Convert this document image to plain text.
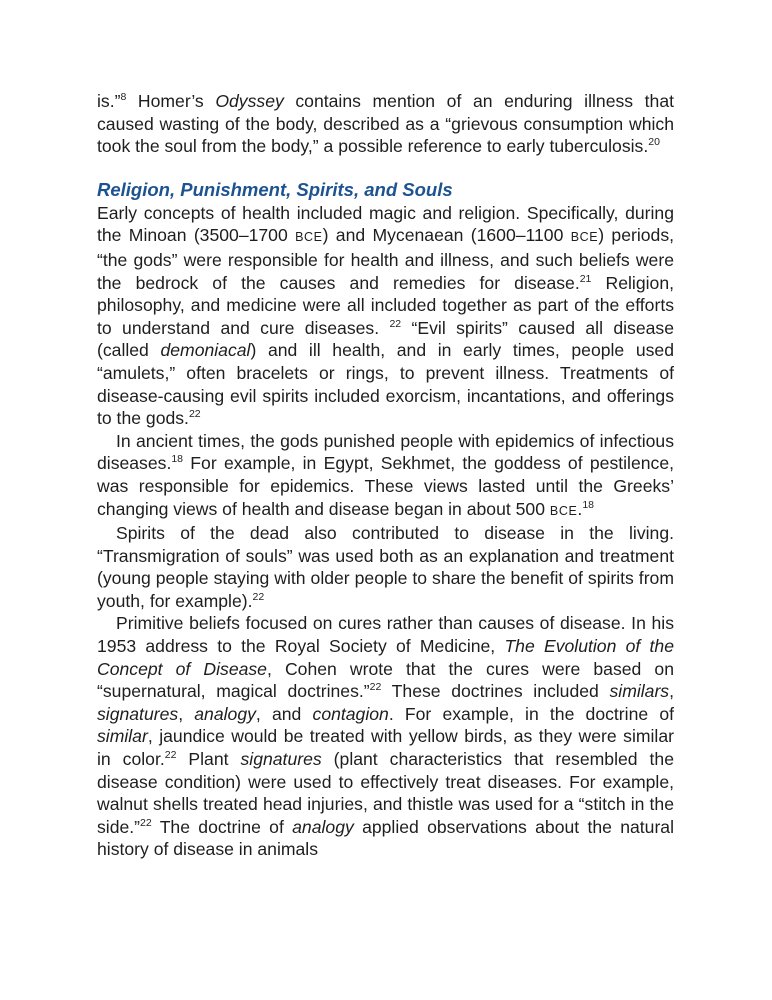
is.”$^8$ Homer’s Odyssey contains mention of an enduring illness that caused wasting of the body, described as a “grievous consumption which took the soul from the body,” a possible reference to early tuberculosis.$^{20}$

Religion, Punishment, Spirits, and Souls

Early concepts of health included magic and religion. Specifically, during the Minoan (3500–1700 BCE) and Mycenaean (1600–1100 BCE) periods, “the gods” were responsible for health and illness, and such beliefs were the bedrock of the causes and remedies for disease.$^{21}$ Religion, philosophy, and medicine were all included together as part of the efforts to understand and cure diseases. $^{22}$ “Evil spirits” caused all disease (called demoniacal) and ill health, and in early times, people used “amulets,” often bracelets or rings, to prevent illness. Treatments of disease-causing evil spirits included exorcism, incantations, and offerings to the gods.$^{22}$

In ancient times, the gods punished people with epidemics of infectious diseases.$^{18}$ For example, in Egypt, Sekhmet, the goddess of pestilence, was responsible for epidemics. These views lasted until the Greeks’ changing views of health and disease began in about 500 BCE.$^{18}$

Spirits of the dead also contributed to disease in the living. “Transmigration of souls” was used both as an explanation and treatment (young people staying with older people to share the benefit of spirits from youth, for example).$^{22}$

Primitive beliefs focused on cures rather than causes of disease. In his 1953 address to the Royal Society of Medicine, The Evolution of the Concept of Disease, Cohen wrote that the cures were based on “supernatural, magical doctrines.”$^{22}$ These doctrines included similars, signatures, analogy, and contagion. For example, in the doctrine of similar, jaundice would be treated with yellow birds, as they were similar in color.$^{22}$ Plant signatures (plant characteristics that resembled the disease condition) were used to effectively treat diseases. For example, walnut shells treated head injuries, and thistle was used for a “stitch in the side.”$^{22}$ The doctrine of analogy applied observations about the natural history of disease in animals
